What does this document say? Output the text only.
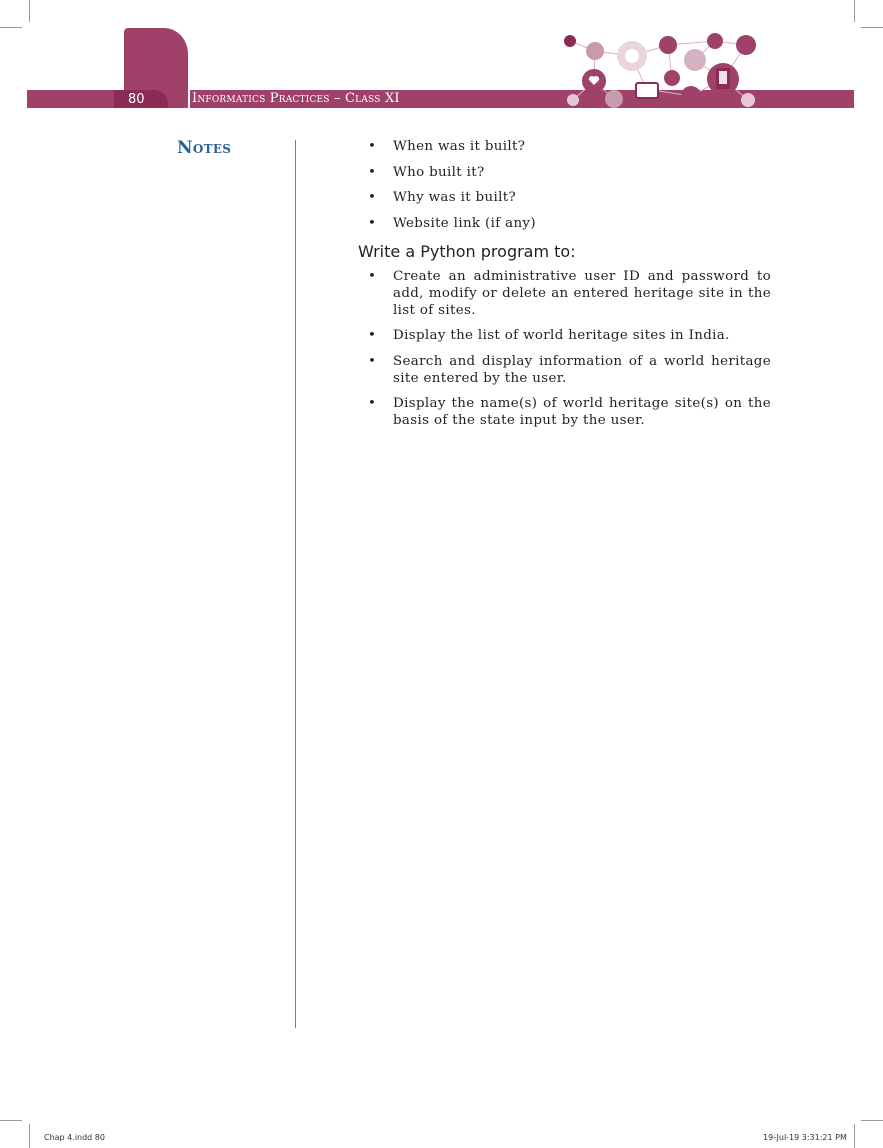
80	Informatics Practices – Class XI
Notes	• When was it built?
• Who built it?
• Why was it built?
• Website link (if any)
Write a Python program to:
• Create an administrative user ID and password to add, modify or delete an entered heritage site in the list of sites.
• Display the list of world heritage sites in India.
• Search and display information of a world heritage site entered by the user.
• Display the name(s) of world heritage site(s) on the basis of the state input by the user.
Chap 4.indd 80	19-Jul-19 3:31:21 PM
